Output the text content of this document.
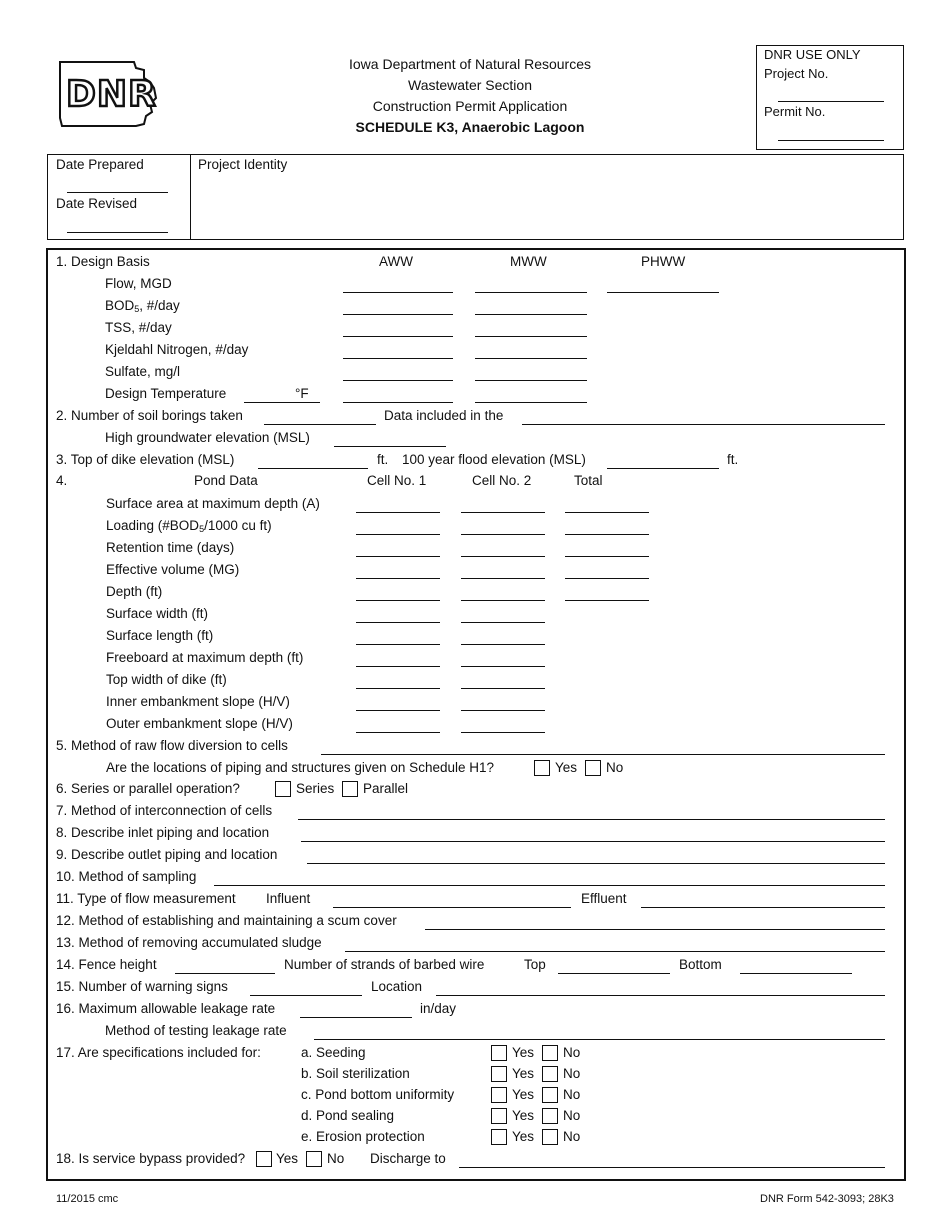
DNR
Iowa Department of Natural Resources
Wastewater Section
Construction Permit Application
SCHEDULE K3, Anaerobic Lagoon
DNR USE ONLY
Project No.
Permit No.
Date Prepared
Date Revised
Project Identity
1. Design Basis	AWW	MWW	PHWW
Flow, MGD
$BOD_5$, #/day
TSS, #/day
Kjeldahl Nitrogen, #/day
Sulfate, mg/l
Design Temperature	°F
2. Number of soil borings taken	Data included in the
High groundwater elevation (MSL)
3. Top of dike elevation (MSL)	ft. 100 year flood elevation (MSL)	ft.
4.	Pond Data	Cell No. 1	Cell No. 2	Total
Surface area at maximum depth (A)
Loading ($\#BOD_5/1000$ cu ft)
Retention time (days)
Effective volume (MG)
Depth (ft)
Surface width (ft)
Surface length (ft)
Freeboard at maximum depth (ft)
Top width of dike (ft)
Inner embankment slope (H/V)
Outer embankment slope (H/V)
5. Method of raw flow diversion to cells
Are the locations of piping and structures given on Schedule H1?	Yes No
6. Series or parallel operation?	Series Parallel
7. Method of interconnection of cells
8. Describe inlet piping and location
9. Describe outlet piping and location
10. Method of sampling
11. Type of flow measurement Influent	Effluent
12. Method of establishing and maintaining a scum cover
13. Method of removing accumulated sludge
14. Fence height	Number of strands of barbed wire	Top	Bottom
15. Number of warning signs	Location
16. Maximum allowable leakage rate	in/day
Method of testing leakage rate
17. Are specifications included for:	a. Seeding	Yes No
b. Soil sterilization	Yes No
c. Pond bottom uniformity	Yes No
d. Pond sealing	Yes No
e. Erosion protection	Yes No
18. Is service bypass provided? Yes No Discharge to
11/2015 cmc	DNR Form 542-3093; 28K3
